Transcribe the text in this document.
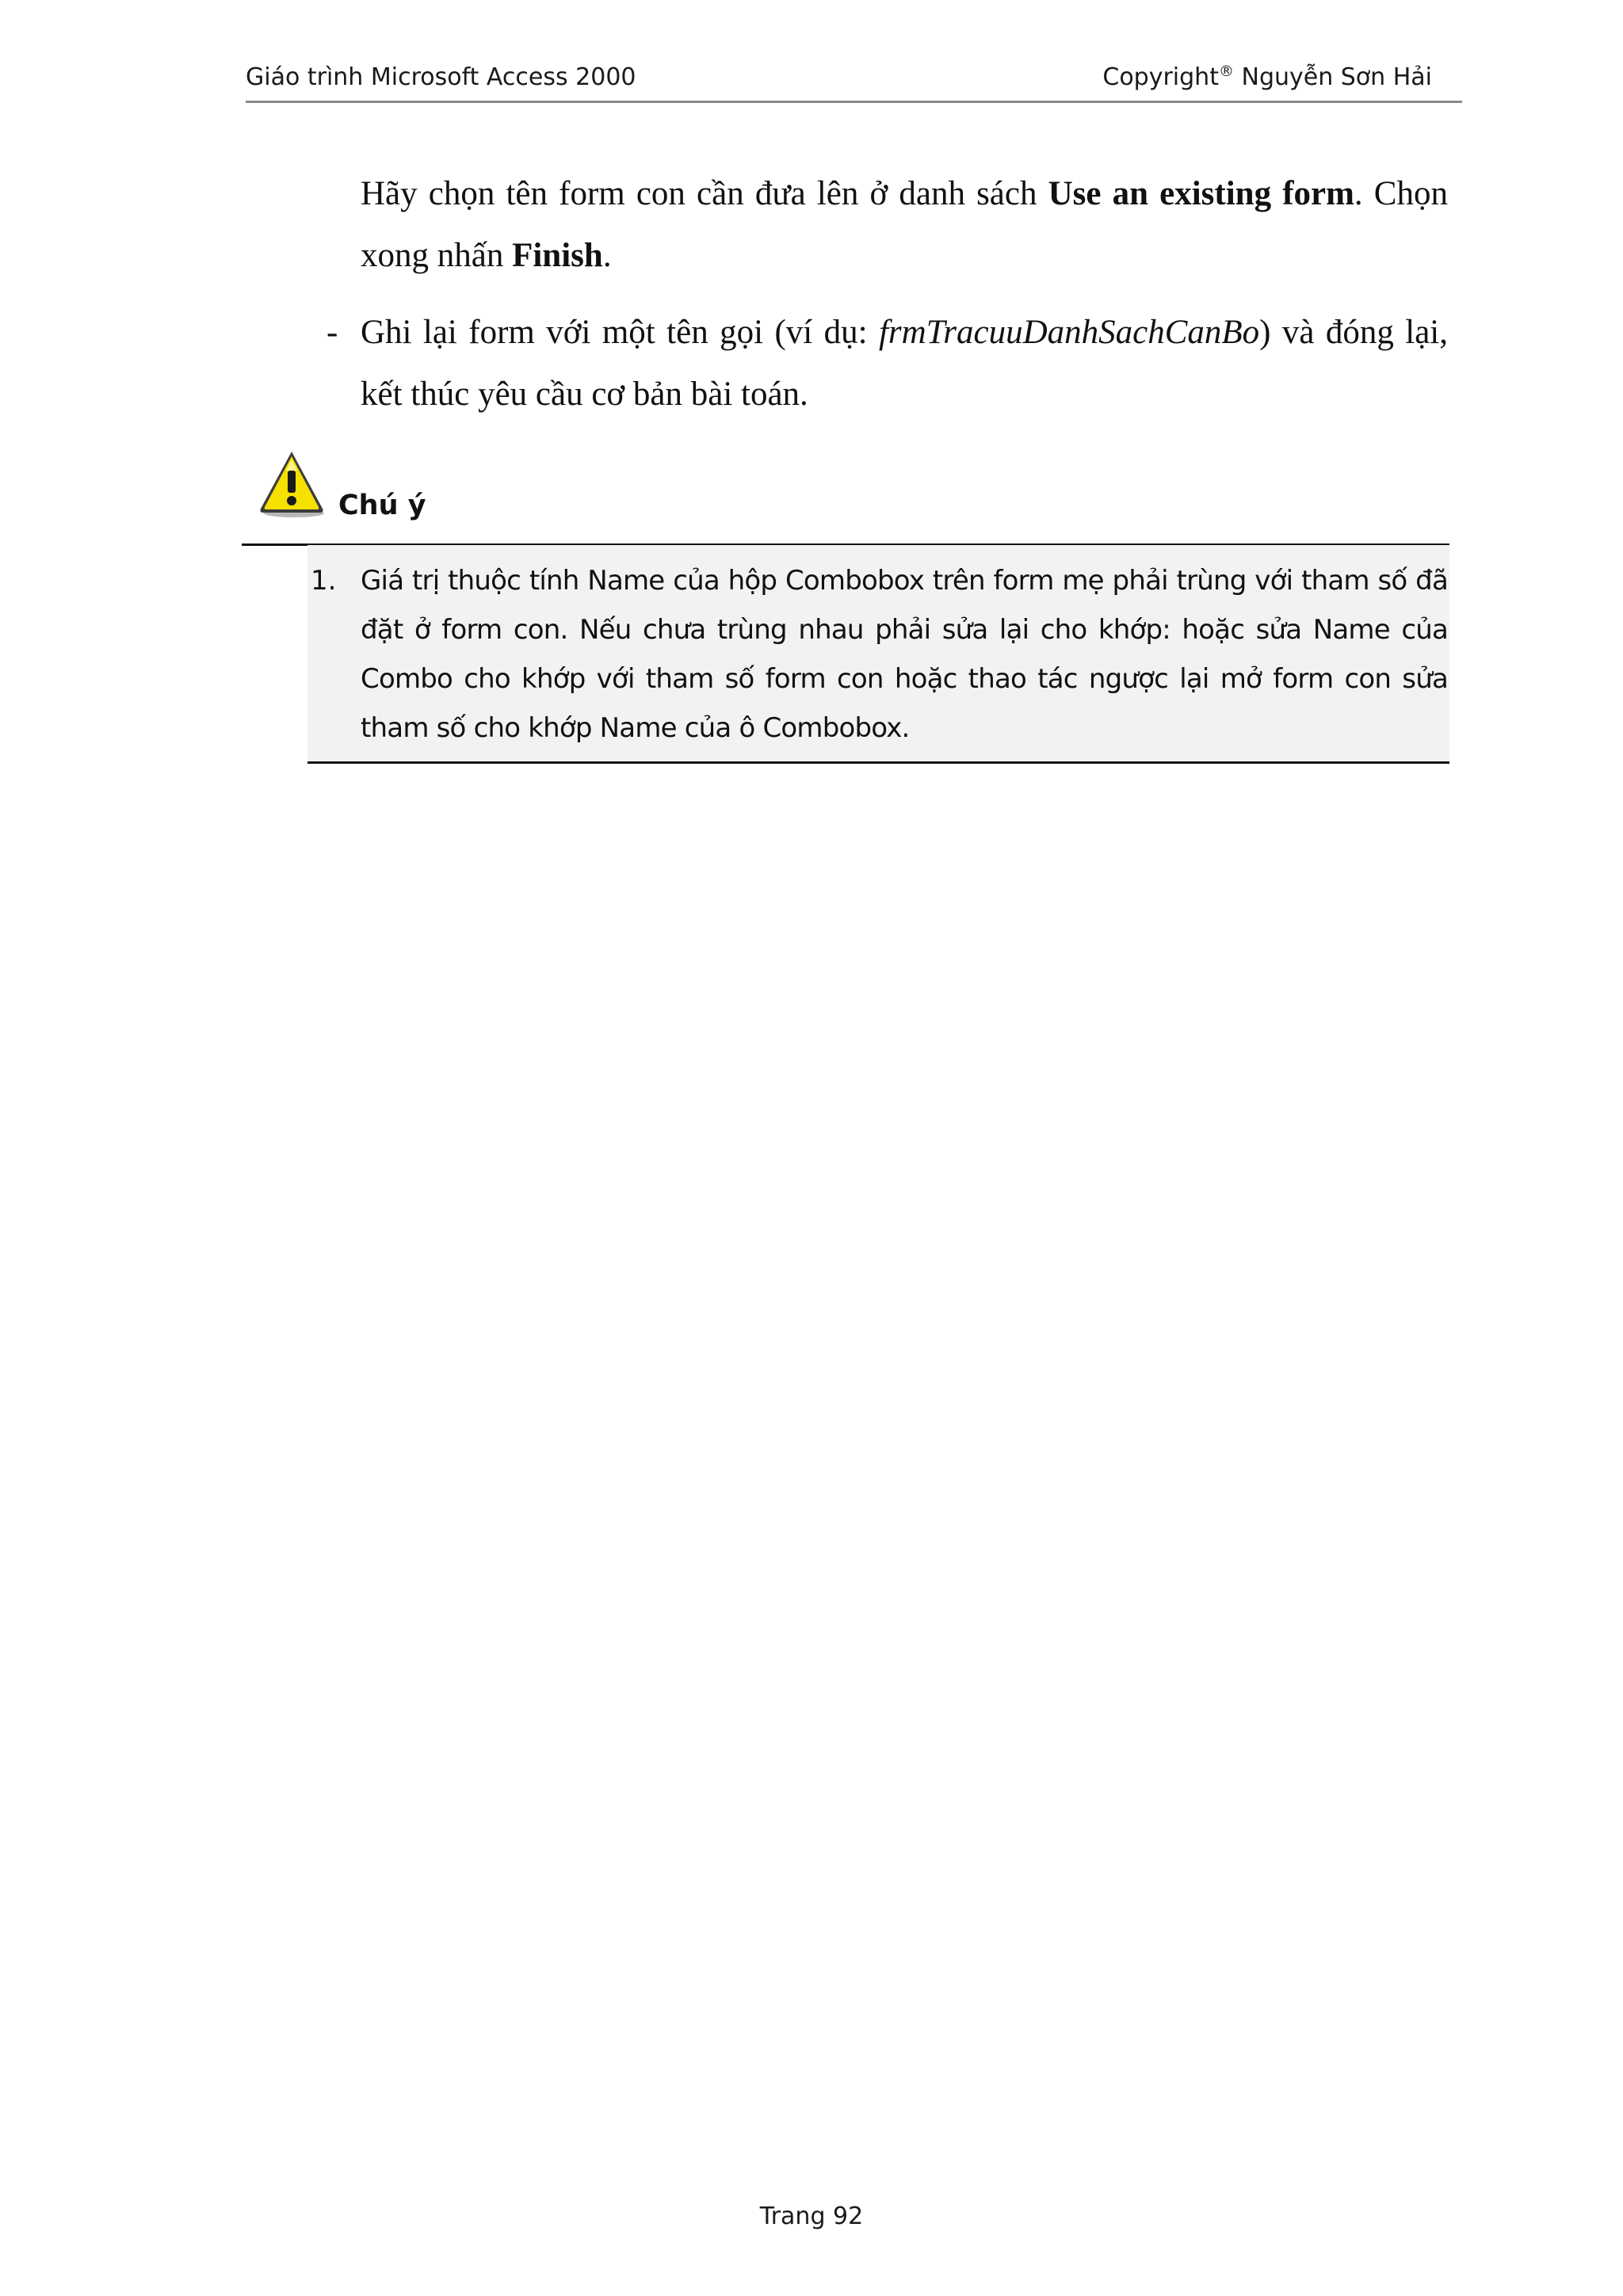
Giáo trình Microsoft Access 2000	Copyright® Nguyễn Sơn Hải
Hãy chọn tên form con cần đưa lên ở danh sách Use an existing form. Chọn xong nhấn Finish.
- Ghi lại form với một tên gọi (ví dụ: frmTracuuDanhSachCanBo) và đóng lại, kết thúc yêu cầu cơ bản bài toán.
Chú ý
1. Giá trị thuộc tính Name của hộp Combobox trên form mẹ phải trùng với tham số đã đặt ở form con. Nếu chưa trùng nhau phải sửa lại cho khớp: hoặc sửa Name của Combo cho khớp với tham số form con hoặc thao tác ngược lại mở form con sửa tham số cho khớp Name của ô Combobox.
Trang 92
